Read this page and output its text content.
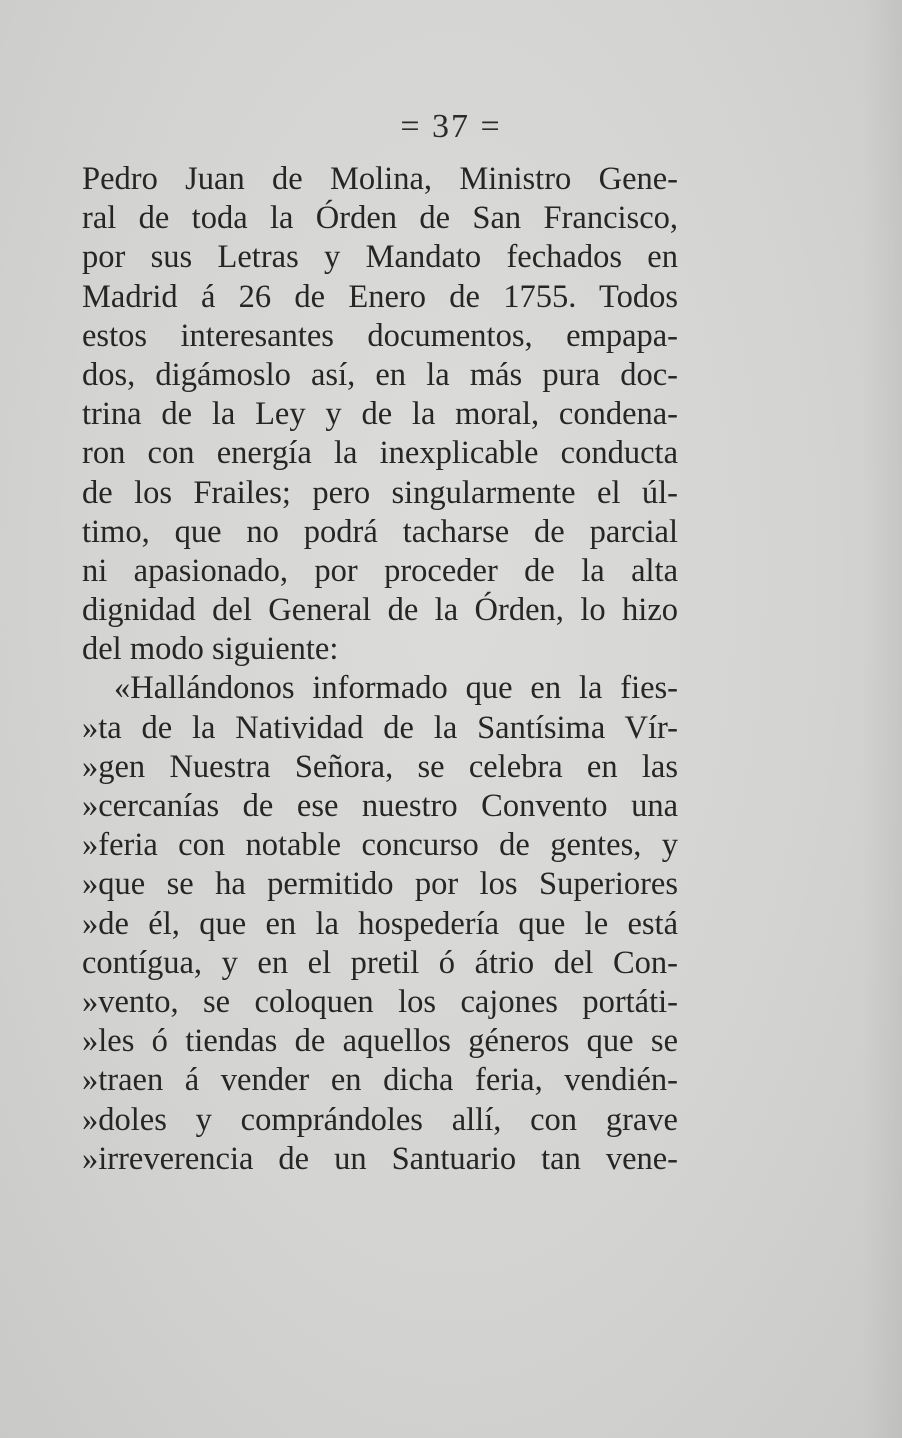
= 37 =
Pedro Juan de Molina, Ministro Gene-
ral de toda la Órden de San Francisco,
por sus Letras y Mandato fechados en
Madrid á 26 de Enero de 1755. Todos
estos interesantes documentos, empapa-
dos, digámoslo así, en la más pura doc-
trina de la Ley y de la moral, condena-
ron con energía la inexplicable conducta
de los Frailes; pero singularmente el úl-
timo, que no podrá tacharse de parcial
ni apasionado, por proceder de la alta
dignidad del General de la Órden, lo hizo
del modo siguiente:
«Hallándonos informado que en la fies-
»ta de la Natividad de la Santísima Vír-
»gen Nuestra Señora, se celebra en las
»cercanías de ese nuestro Convento una
»feria con notable concurso de gentes, y
»que se ha permitido por los Superiores
»de él, que en la hospedería que le está
contígua, y en el pretil ó átrio del Con-
»vento, se coloquen los cajones portáti-
»les ó tiendas de aquellos géneros que se
»traen á vender en dicha feria, vendién-
»doles y comprándoles allí, con grave
»irreverencia de un Santuario tan vene-
